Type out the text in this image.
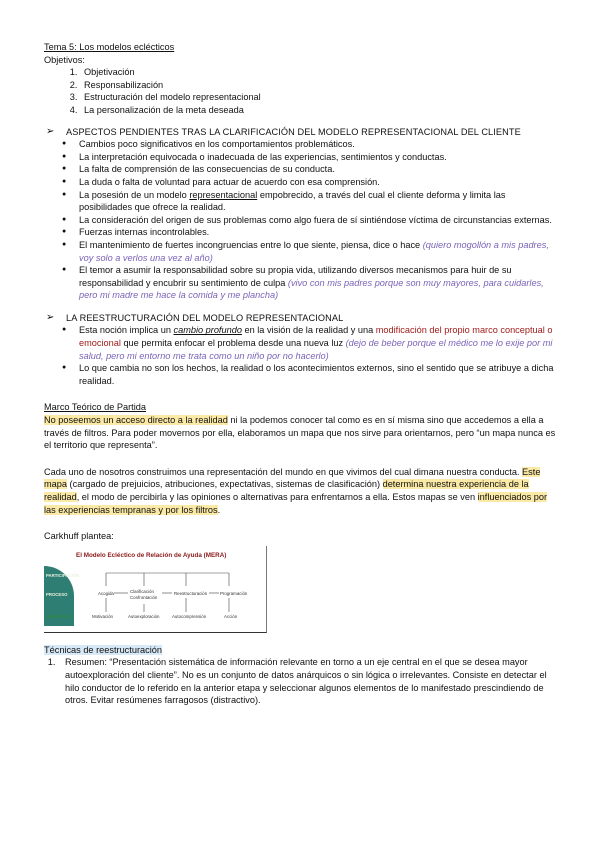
Tema 5: Los modelos eclécticos
Objetivos:
1. Objetivación
2. Responsabilización
3. Estructuración del modelo representacional
4. La personalización de la meta deseada
➢	ASPECTOS PENDIENTES TRAS LA CLARIFICACIÓN DEL MODELO REPRESENTACIONAL DEL CLIENTE
● Cambios poco significativos en los comportamientos problemáticos.
● La interpretación equivocada o inadecuada de las experiencias, sentimientos y conductas.
● La falta de comprensión de las consecuencias de su conducta.
● La duda o falta de voluntad para actuar de acuerdo con esa comprensión.
● La posesión de un modelo representacional empobrecido, a través del cual el cliente deforma y limita las posibilidades que ofrece la realidad.
● La consideración del origen de sus problemas como algo fuera de sí sintiéndose víctima de circunstancias externas.
● Fuerzas internas incontrolables.
● El mantenimiento de fuertes incongruencias entre lo que siente, piensa, dice o hace (quiero mogollón a mis padres, voy solo a verlos una vez al año)
● El temor a asumir la responsabilidad sobre su propia vida, utilizando diversos mecanismos para huir de su responsabilidad y encubrir su sentimiento de culpa (vivo con mis padres porque son muy mayores, para cuidarles, pero mi madre me hace la comida y me plancha)
➢	LA REESTRUCTURACIÓN DEL MODELO REPRESENTACIONAL
● Esta noción implica un cambio profundo en la visión de la realidad y una modificación del propio marco conceptual o emocional que permita enfocar el problema desde una nueva luz (dejo de beber porque el médico me lo exije por mi salud, pero mi entorno me trata como un niño por no hacerlo)
● Lo que cambia no son los hechos, la realidad o los acontecimientos externos, sino el sentido que se atribuye a dicha realidad.
Marco Teórico de Partida

No poseemos un acceso directo a la realidad ni la podemos conocer tal como es en sí misma sino que accedemos a ella a través de filtros. Para poder movernos por ella, elaboramos un mapa que nos sirve para orientarnos, pero “un mapa nunca es el territorio que representa”.

Cada uno de nosotros construimos una representación del mundo en que vivimos del cual dimana nuestra conducta. Este mapa (cargado de prejuicios, atribuciones, expectativas, sistemas de clasificación) determina nuestra experiencia de la realidad, el modo de percibirla y las opiniones o alternativas para enfrentarnos a ella. Estos mapas se ven influenciados por las experiencias tempranas y por los filtros.

Carkhuff plantea:

El Modelo Ecléctico de Relación de Ayuda (MERA)
PARTICIPACIÓN
PROCESO
OBJETIVOS
Acogida	Clarificación
Confrontación
Reestructuración	Programación
Motivación	Autoexploración	Autocomprensión	Acción
Técnicas de reestructuración
1. Resumen: “Presentación sistemática de información relevante en torno a un eje central en el que se desea mayor autoexploración del cliente”. No es un conjunto de datos anárquicos o sin lógica o irrelevantes. Consiste en detectar el hilo conductor de lo referido en la anterior etapa y seleccionar algunos elementos de lo manifestado prescindiendo de otros. Evitar resúmenes farragosos (distractivo).
